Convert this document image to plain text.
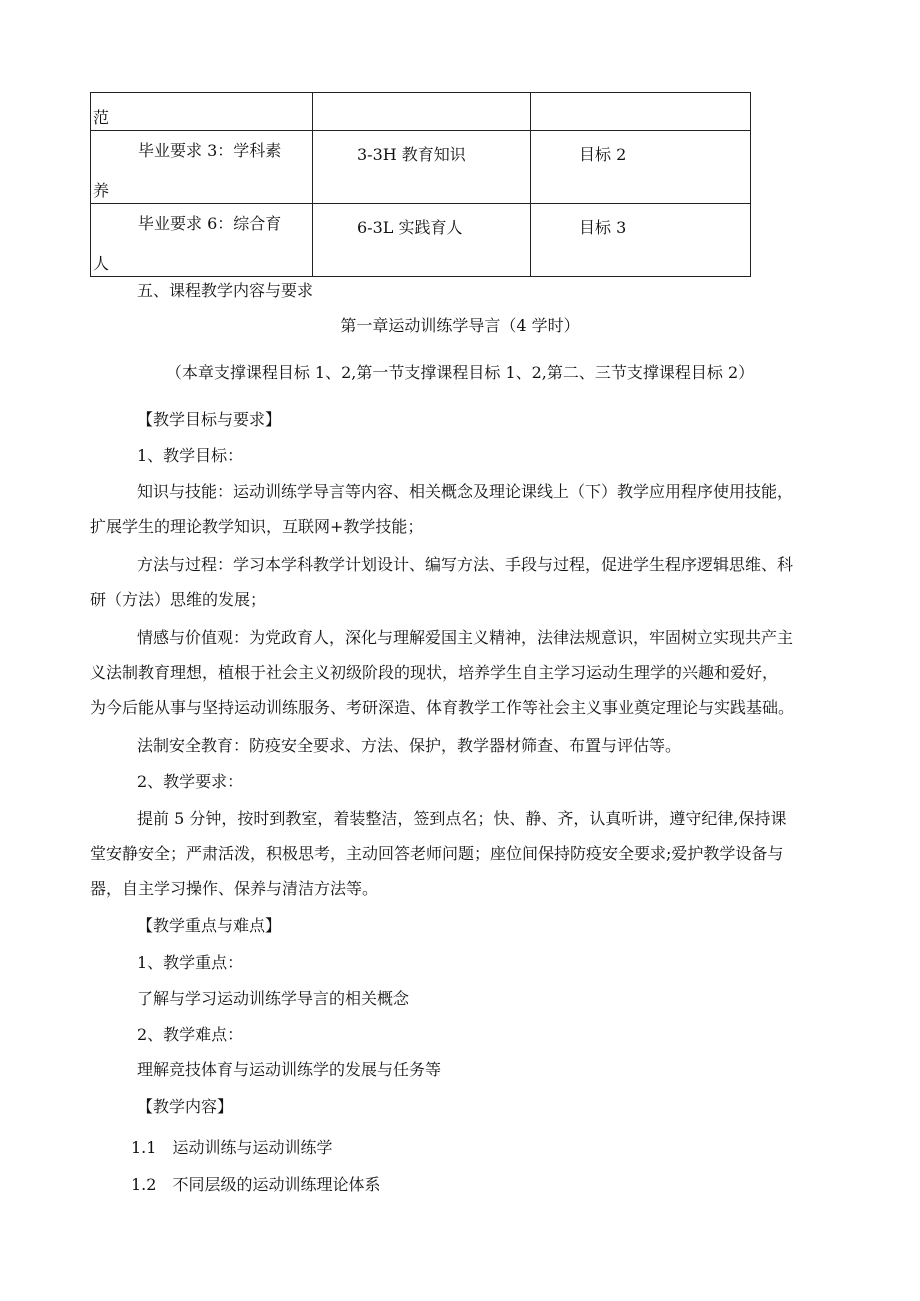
范		

毕业要求 3：学科素
养	3-3H 教育知识	目标 2

毕业要求 6：综合育
人	6-3L 实践育人	目标 3
五、课程教学内容与要求
第一章运动训练学导言（4 学时）
（本章支撑课程目标 1、2,第一节支撑课程目标 1、2,第二、三节支撑课程目标 2）
【教学目标与要求】
1、教学目标：
知识与技能：运动训练学导言等内容、相关概念及理论课线上（下）教学应用程序使用技能，
扩展学生的理论教学知识，互联网+教学技能；
方法与过程：学习本学科教学计划设计、编写方法、手段与过程，促进学生程序逻辑思维、科
研（方法）思维的发展；
情感与价值观：为党政育人，深化与理解爱国主义精神，法律法规意识，牢固树立实现共产主
义法制教育理想，植根于社会主义初级阶段的现状，培养学生自主学习运动生理学的兴趣和爱好，
为今后能从事与坚持运动训练服务、考研深造、体育教学工作等社会主义事业奠定理论与实践基础。
法制安全教育：防疫安全要求、方法、保护，教学器材筛查、布置与评估等。
2、教学要求：
提前 5 分钟，按时到教室，着装整洁，签到点名；快、静、齐，认真听讲，遵守纪律,保持课
堂安静安全；严肃活泼，积极思考，主动回答老师问题；座位间保持防疫安全要求;爱护教学设备与
器，自主学习操作、保养与清洁方法等。
【教学重点与难点】
1、教学重点：
了解与学习运动训练学导言的相关概念
2、教学难点：
理解竞技体育与运动训练学的发展与任务等
【教学内容】
1.1　运动训练与运动训练学
1.2　不同层级的运动训练理论体系
